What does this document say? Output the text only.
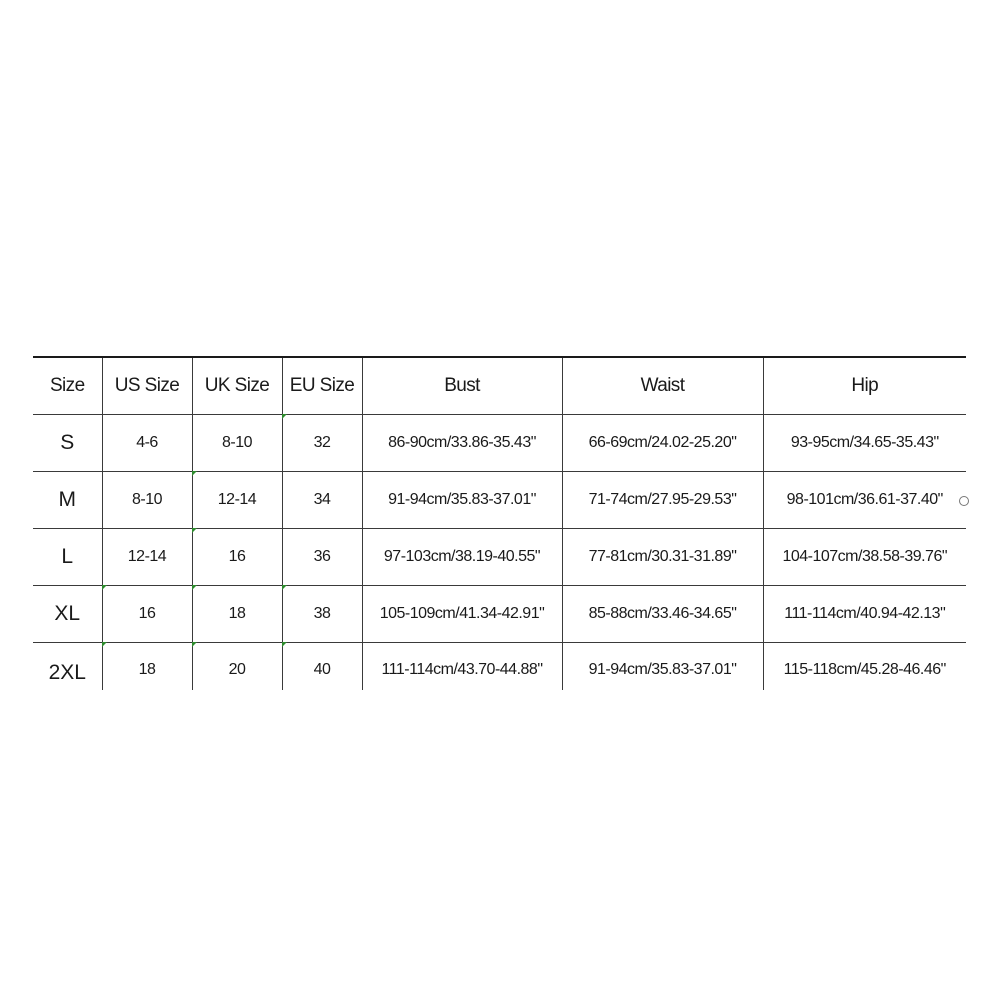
Size	US Size	UK Size	EU Size	Bust	Waist	Hip
S	4-6	8-10	32	86-90cm/33.86-35.43"	66-69cm/24.02-25.20"	93-95cm/34.65-35.43"
M	8-10	12-14	34	91-94cm/35.83-37.01"	71-74cm/27.95-29.53"	98-101cm/36.61-37.40"
L	12-14	16	36	97-103cm/38.19-40.55"	77-81cm/30.31-31.89"	104-107cm/38.58-39.76"
XL	16	18	38	105-109cm/41.34-42.91"	85-88cm/33.46-34.65"	111-114cm/40.94-42.13"
2XL	18	20	40	111-114cm/43.70-44.88"	91-94cm/35.83-37.01"	115-118cm/45.28-46.46"
